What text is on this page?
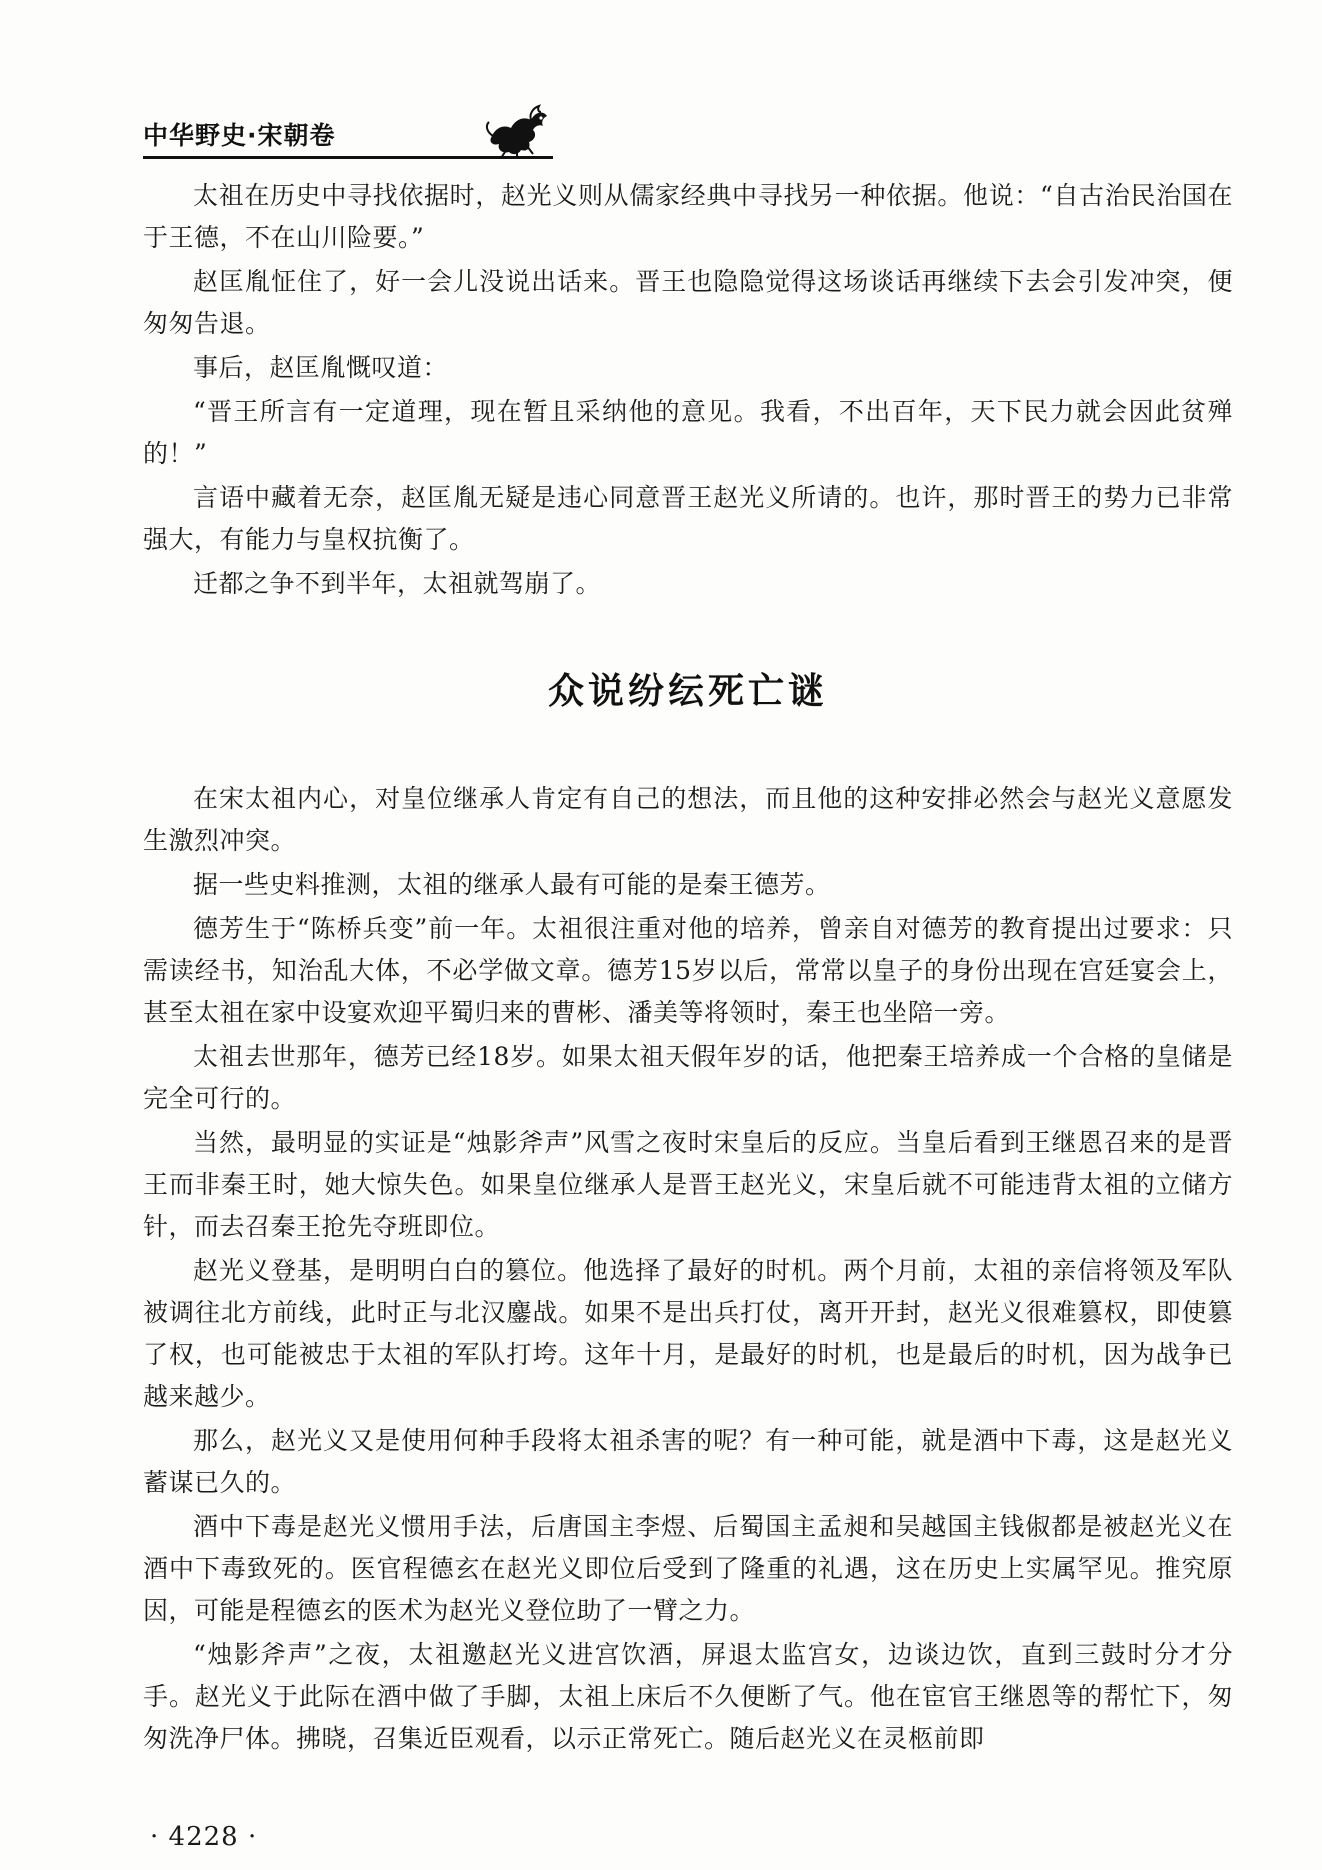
中华野史·宋朝卷

太祖在历史中寻找依据时，赵光义则从儒家经典中寻找另一种依据。他说：“自古治民治国在于王德，不在山川险要。”

赵匡胤怔住了，好一会儿没说出话来。晋王也隐隐觉得这场谈话再继续下去会引发冲突，便匆匆告退。

事后，赵匡胤慨叹道：

“晋王所言有一定道理，现在暂且采纳他的意见。我看，不出百年，天下民力就会因此贫殚的！”

言语中藏着无奈，赵匡胤无疑是违心同意晋王赵光义所请的。也许，那时晋王的势力已非常强大，有能力与皇权抗衡了。

迁都之争不到半年，太祖就驾崩了。

众说纷纭死亡谜

在宋太祖内心，对皇位继承人肯定有自己的想法，而且他的这种安排必然会与赵光义意愿发生激烈冲突。

据一些史料推测，太祖的继承人最有可能的是秦王德芳。

德芳生于“陈桥兵变”前一年。太祖很注重对他的培养，曾亲自对德芳的教育提出过要求：只需读经书，知治乱大体，不必学做文章。德芳15岁以后，常常以皇子的身份出现在宫廷宴会上，甚至太祖在家中设宴欢迎平蜀归来的曹彬、潘美等将领时，秦王也坐陪一旁。

太祖去世那年，德芳已经18岁。如果太祖天假年岁的话，他把秦王培养成一个合格的皇储是完全可行的。

当然，最明显的实证是“烛影斧声”风雪之夜时宋皇后的反应。当皇后看到王继恩召来的是晋王而非秦王时，她大惊失色。如果皇位继承人是晋王赵光义，宋皇后就不可能违背太祖的立储方针，而去召秦王抢先夺班即位。

赵光义登基，是明明白白的篡位。他选择了最好的时机。两个月前，太祖的亲信将领及军队被调往北方前线，此时正与北汉鏖战。如果不是出兵打仗，离开开封，赵光义很难篡权，即使篡了权，也可能被忠于太祖的军队打垮。这年十月，是最好的时机，也是最后的时机，因为战争已越来越少。

那么，赵光义又是使用何种手段将太祖杀害的呢？有一种可能，就是酒中下毒，这是赵光义蓄谋已久的。

酒中下毒是赵光义惯用手法，后唐国主李煜、后蜀国主孟昶和吴越国主钱俶都是被赵光义在酒中下毒致死的。医官程德玄在赵光义即位后受到了隆重的礼遇，这在历史上实属罕见。推究原因，可能是程德玄的医术为赵光义登位助了一臂之力。

“烛影斧声”之夜，太祖邀赵光义进宫饮酒，屏退太监宫女，边谈边饮，直到三鼓时分才分手。赵光义于此际在酒中做了手脚，太祖上床后不久便断了气。他在宦官王继恩等的帮忙下，匆匆洗净尸体。拂晓，召集近臣观看，以示正常死亡。随后赵光义在灵柩前即

· 4228 ·
